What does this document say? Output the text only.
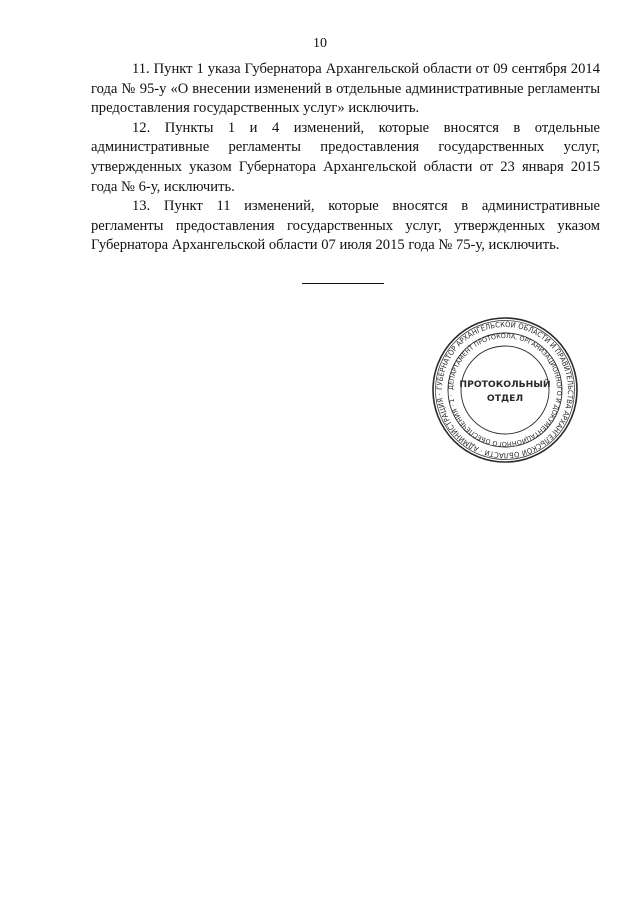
10

11. Пункт 1 указа Губернатора Архангельской области от 09 сентября 2014 года № 95-у «О внесении изменений в отдельные административные регламенты предоставления государственных услуг» исключить.

12. Пункты 1 и 4 изменений, которые вносятся в отдельные административные регламенты предоставления государственных услуг, утвержденных указом Губернатора Архангельской области от 23 января 2015 года № 6-у, исключить.

13. Пункт 11 изменений, которые вносятся в административные регламенты предоставления государственных услуг, утвержденных указом Губернатора Архангельской области 07 июля 2015 года № 75-у, исключить.

ГУБЕРНАТОР АРХАНГЕЛЬСКОЙ ОБЛАСТИ И ПРАВИТЕЛЬСТВА АРХАНГЕЛЬСКОЙ ОБЛАСТИ · АДМИНИСТРАЦИЯ ·
ДЕПАРТАМЕНТ ПРОТОКОЛА, ОРГАНИЗАЦИОННОГО И ДОКУМЕНТАЦИОННОГО ОБЕСПЕЧЕНИЯ · 1 ·
ПРОТОКОЛЬНЫЙ
ОТДЕЛ
